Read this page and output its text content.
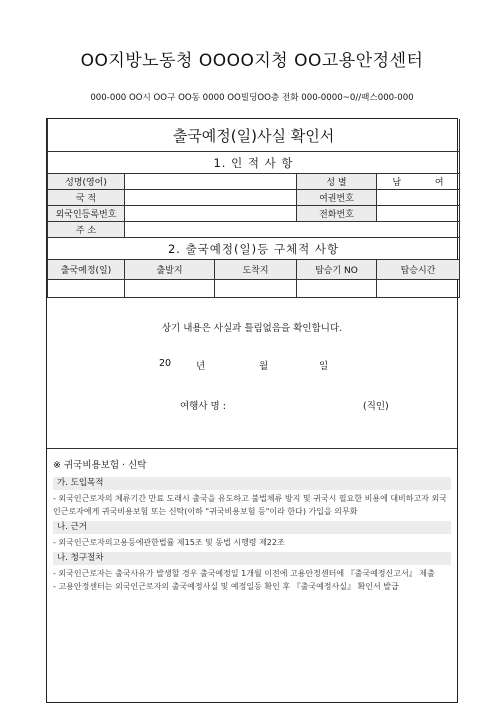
OO지방노동청 OOOO지청 OO고용안정센터
000-000 OO시 OO구 OO동 0000 OO빌딩OO층 전화 000-0000~0//팩스000-000
출국예정(일)사실 확인서				
1. 인 적 사 항				
성명(영어)			성 별	남 여
국 적			여권번호	
외국인등록번호			전화번호	
주 소				
2. 출국예정(일)등 구체적 사항				
출국예정(일)	출발지	도착지	탑승기 NO	탑승시간

상기 내용은 사실과 틀림없음을 확인합니다.
20	년	월	일
여행사 명 :	(직인)
※ 귀국비용보험 · 신탁
가. 도입목적

- 외국인근로자의 체류기간 만료 도래시 출국을 유도하고 불법체류 방지 및 귀국시 필요한 비용에 대비하고자 외국인근로자에게 귀국비용보험 또는 신탁(이하 "귀국비용보험 등"이라 한다) 가입을 의무화

나. 근거

- 외국인근로자의고용등에관한법률 제15조 및 동법 시행령 제22조

나. 청구절차

- 외국인근로자는 출국사유가 발생할 경우 출국예정일 1개월 이전에 고용안정센터에 『출국예정신고서』 제출

- 고용안정센터는 외국인근로자의 출국예정사실 및 예정일등 확인 후 『출국예정사실』 확인서 발급
